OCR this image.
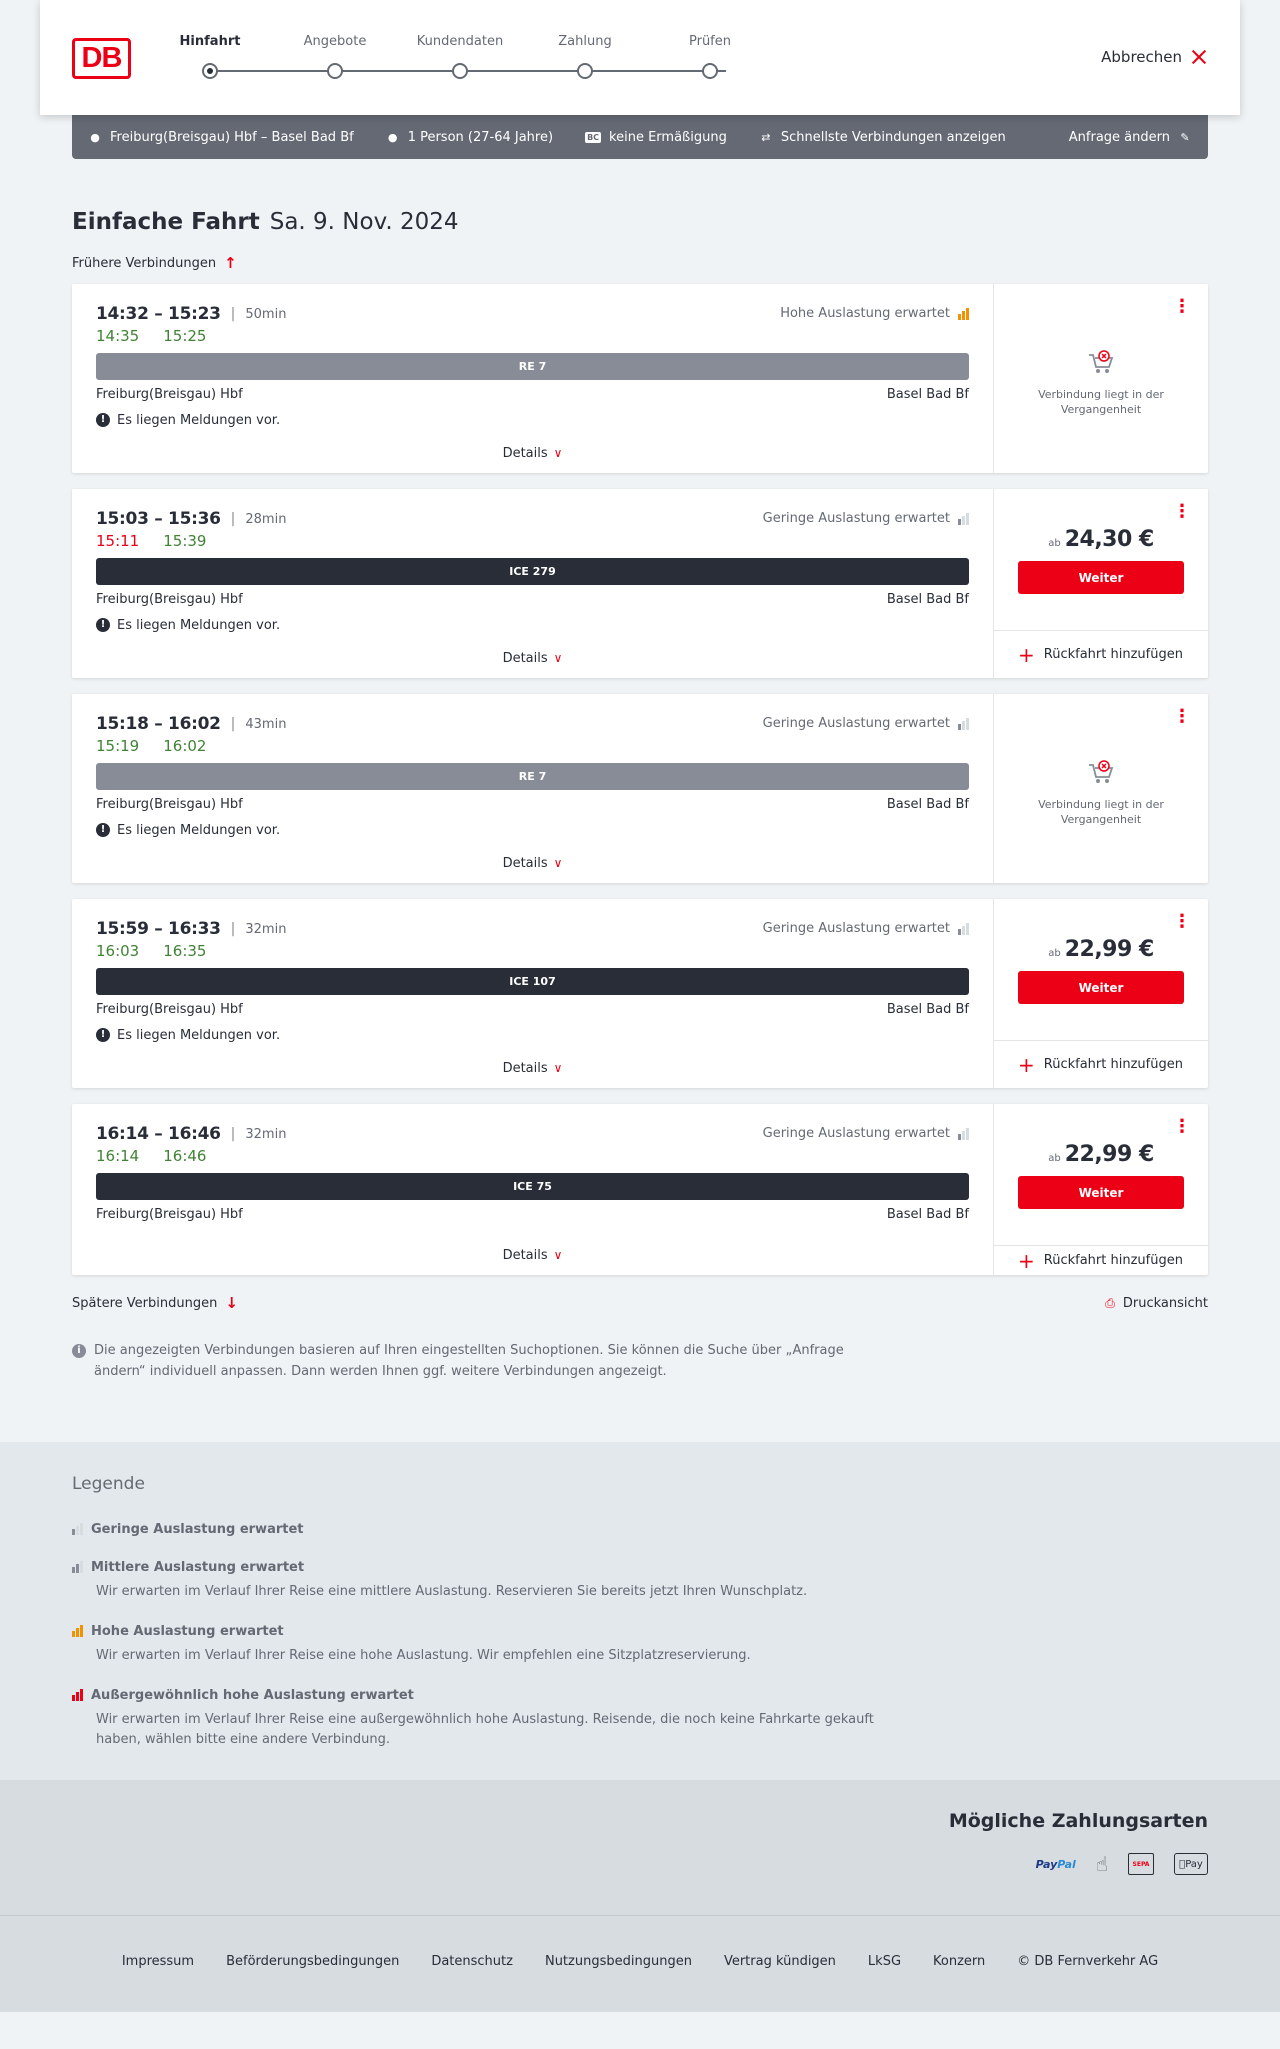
DB
Hinfahrt	Angebote	Kundendaten	Zahlung	Prüfen
Abbrechen
● Freiburg(Breisgau) Hbf – Basel Bad Bf	● 1 Person (27-64 Jahre)	BC keine Ermäßigung	⇄ Schnellste Verbindungen anzeigen	Anfrage ändern ✎
Einfache Fahrt Sa. 9. Nov. 2024
Frühere Verbindungen ↑
14:32 – 15:23 | 50min	Hohe Auslastung erwartet
14:35 15:25
RE 7
Freiburg(Breisgau) Hbf	Basel Bad Bf
! Es liegen Meldungen vor.
Details ∨
⋮
Verbindung liegt in der Vergangenheit
15:03 – 15:36 | 28min	Geringe Auslastung erwartet
15:11 15:39
ICE 279
Freiburg(Breisgau) Hbf	Basel Bad Bf
! Es liegen Meldungen vor.
Details ∨
⋮
ab 24,30 €
Weiter
+ Rückfahrt hinzufügen
15:18 – 16:02 | 43min	Geringe Auslastung erwartet
15:19 16:02
RE 7
Freiburg(Breisgau) Hbf	Basel Bad Bf
! Es liegen Meldungen vor.
Details ∨
⋮
Verbindung liegt in der Vergangenheit
15:59 – 16:33 | 32min	Geringe Auslastung erwartet
16:03 16:35
ICE 107
Freiburg(Breisgau) Hbf	Basel Bad Bf
! Es liegen Meldungen vor.
Details ∨
⋮
ab 22,99 €
Weiter
+ Rückfahrt hinzufügen
16:14 – 16:46 | 32min	Geringe Auslastung erwartet
16:14 16:46
ICE 75
Freiburg(Breisgau) Hbf	Basel Bad Bf
Details ∨
⋮
ab 22,99 €
Weiter
+ Rückfahrt hinzufügen
Spätere Verbindungen ↓	⎙ Druckansicht
i	Die angezeigten Verbindungen basieren auf Ihren eingestellten Suchoptionen. Sie können die Suche über „Anfrage ändern“ individuell anpassen. Dann werden Ihnen ggf. weitere Verbindungen angezeigt.
Legende
Geringe Auslastung erwartet
Mittlere Auslastung erwartet
Wir erwarten im Verlauf Ihrer Reise eine mittlere Auslastung. Reservieren Sie bereits jetzt Ihren Wunschplatz.
Hohe Auslastung erwartet
Wir erwarten im Verlauf Ihrer Reise eine hohe Auslastung. Wir empfehlen eine Sitzplatzreservierung.
Außergewöhnlich hohe Auslastung erwartet
Wir erwarten im Verlauf Ihrer Reise eine außergewöhnlich hohe Auslastung. Reisende, die noch keine Fahrkarte gekauft haben, wählen bitte eine andere Verbindung.
Mögliche Zahlungsarten
Pay Pal ☝	SEPA	Pay
Impressum Beförderungsbedingungen Datenschutz Nutzungsbedingungen Vertrag kündigen LkSG Konzern © DB Fernverkehr AG
